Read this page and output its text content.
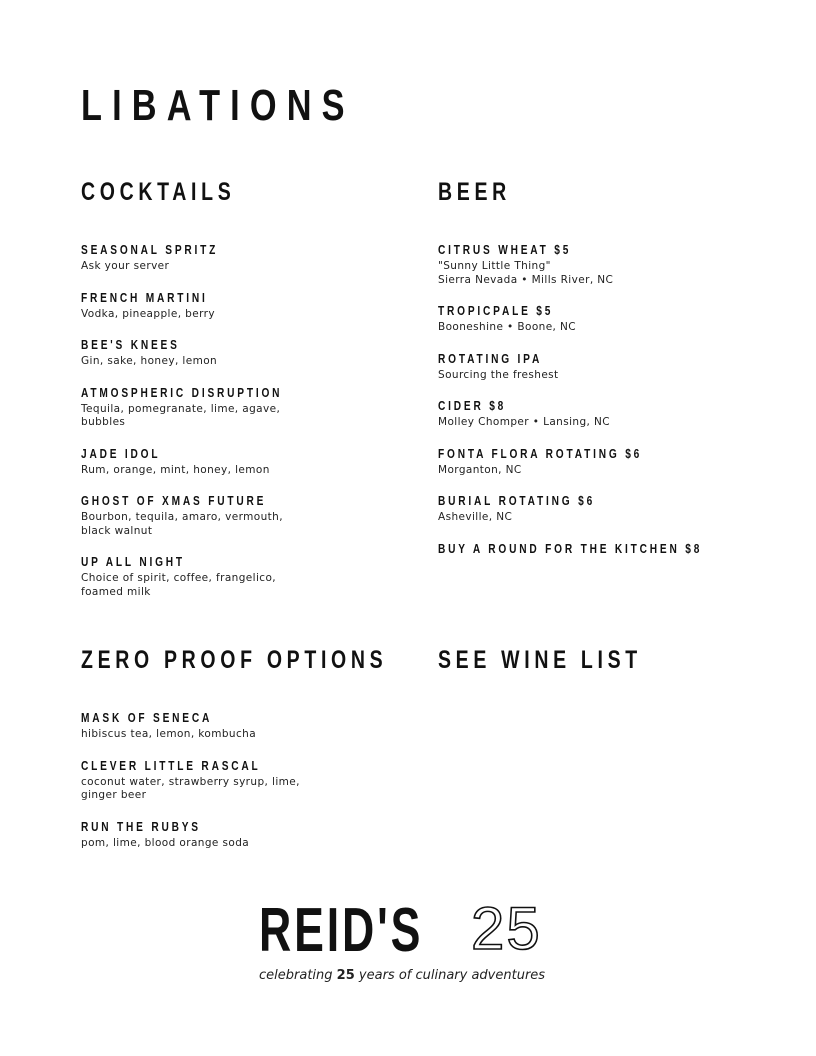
LIBATIONS
COCKTAILS
SEASONAL SPRITZ
Ask your server
FRENCH MARTINI
Vodka, pineapple, berry
BEE'S KNEES
Gin, sake, honey, lemon
ATMOSPHERIC DISRUPTION
Tequila, pomegranate, lime, agave, bubbles
JADE IDOL
Rum, orange, mint, honey, lemon
GHOST OF XMAS FUTURE
Bourbon, tequila, amaro, vermouth, black walnut
UP ALL NIGHT
Choice of spirit, coffee, frangelico, foamed milk
BEER
CITRUS WHEAT $5
"Sunny Little Thing"
Sierra Nevada • Mills River, NC
TROPICPALE $5
Booneshine • Boone, NC
ROTATING IPA
Sourcing the freshest
CIDER $8
Molley Chomper • Lansing, NC
FONTA FLORA ROTATING $6
Morganton, NC
BURIAL ROTATING $6
Asheville, NC
BUY A ROUND FOR THE KITCHEN $8
ZERO PROOF OPTIONS
MASK OF SENECA
hibiscus tea, lemon, kombucha
CLEVER LITTLE RASCAL
coconut water, strawberry syrup, lime, ginger beer
RUN THE RUBYS
pom, lime, blood orange soda
SEE WINE LIST
REID'S 25
celebrating 25 years of culinary adventures
